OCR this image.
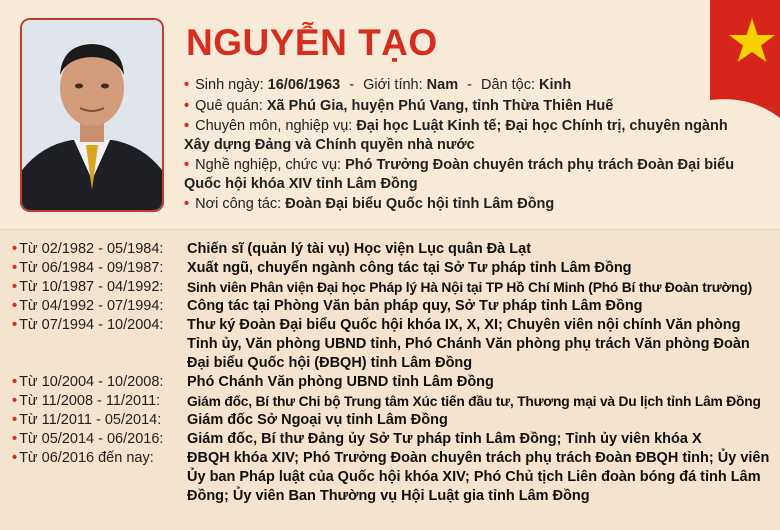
NGUYỄN TẠO
• Sinh ngày: 16/06/1963 - Giới tính: Nam - Dân tộc: Kinh
• Quê quán: Xã Phú Gia, huyện Phú Vang, tỉnh Thừa Thiên Huế
• Chuyên môn, nghiệp vụ: Đại học Luật Kinh tế; Đại học Chính trị, chuyên ngành Xây dựng Đảng và Chính quyền nhà nước
• Nghề nghiệp, chức vụ: Phó Trưởng Đoàn chuyên trách phụ trách Đoàn Đại biểu Quốc hội khóa XIV tỉnh Lâm Đồng
• Nơi công tác: Đoàn Đại biểu Quốc hội tỉnh Lâm Đồng
• Từ 02/1982 - 05/1984:	Chiến sĩ (quản lý tài vụ) Học viện Lục quân Đà Lạt
• Từ 06/1984 - 09/1987:	Xuất ngũ, chuyển ngành công tác tại Sở Tư pháp tỉnh Lâm Đồng
• Từ 10/1987 - 04/1992:	Sinh viên Phân viện Đại học Pháp lý Hà Nội tại TP Hồ Chí Minh (Phó Bí thư Đoàn trường)
• Từ 04/1992 - 07/1994:	Công tác tại Phòng Văn bản pháp quy, Sở Tư pháp tỉnh Lâm Đồng
• Từ 07/1994 - 10/2004:	Thư ký Đoàn Đại biểu Quốc hội khóa IX, X, XI; Chuyên viên nội chính Văn phòng Tỉnh ủy, Văn phòng UBND tỉnh, Phó Chánh Văn phòng phụ trách Văn phòng Đoàn Đại biểu Quốc hội (ĐBQH) tỉnh Lâm Đồng
• Từ 10/2004 - 10/2008:	Phó Chánh Văn phòng UBND tỉnh Lâm Đồng
• Từ 11/2008 - 11/2011:	Giám đốc, Bí thư Chi bộ Trung tâm Xúc tiến đầu tư, Thương mại và Du lịch tỉnh Lâm Đồng
• Từ 11/2011 - 05/2014:	Giám đốc Sở Ngoại vụ tỉnh Lâm Đồng
• Từ 05/2014 - 06/2016:	Giám đốc, Bí thư Đảng ủy Sở Tư pháp tỉnh Lâm Đồng; Tỉnh ủy viên khóa X
• Từ 06/2016 đến nay:	ĐBQH khóa XIV; Phó Trưởng Đoàn chuyên trách phụ trách Đoàn ĐBQH tỉnh; Ủy viên Ủy ban Pháp luật của Quốc hội khóa XIV; Phó Chủ tịch Liên đoàn bóng đá tỉnh Lâm Đồng; Ủy viên Ban Thường vụ Hội Luật gia tỉnh Lâm Đồng
